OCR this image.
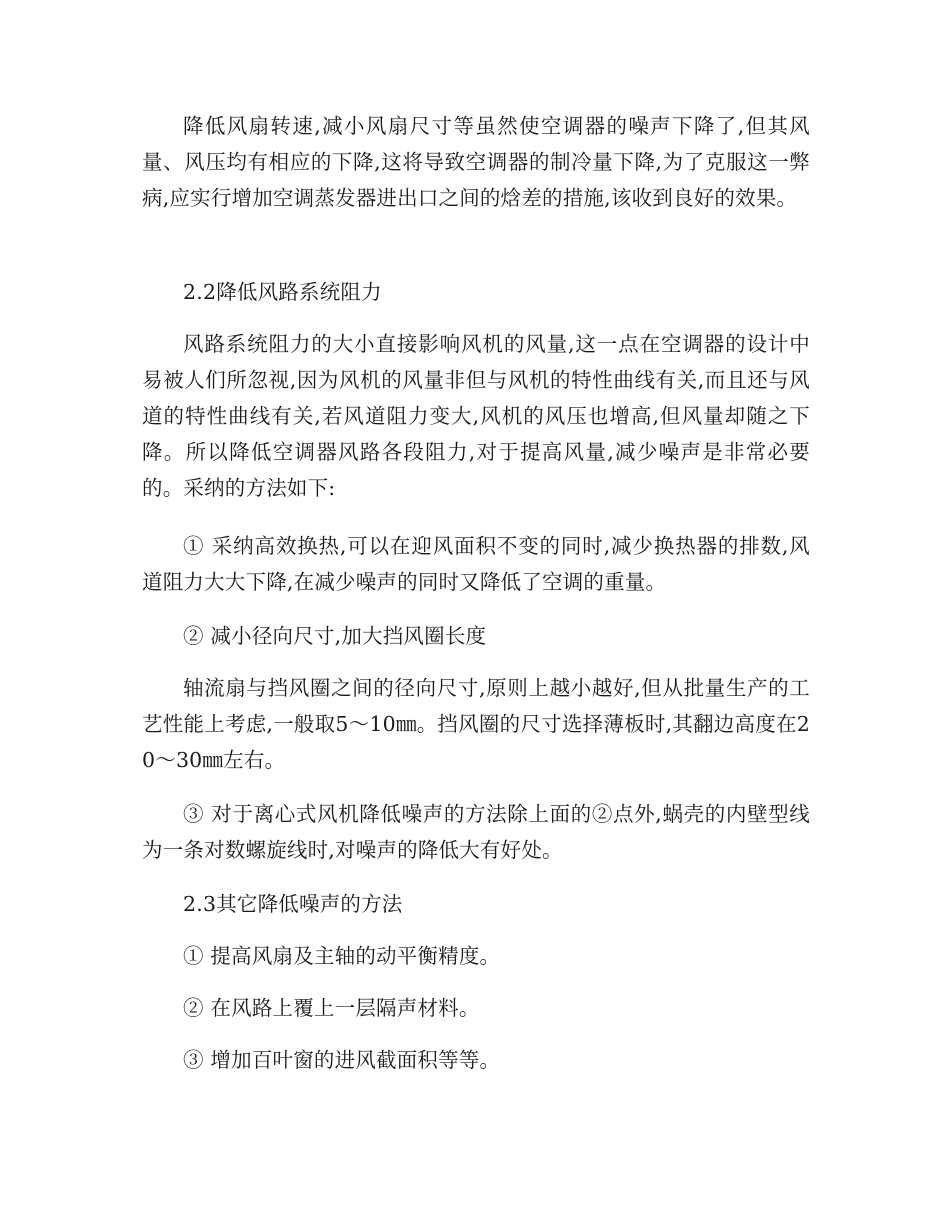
降低风扇转速,减小风扇尺寸等虽然使空调器的噪声下降了,但其风量、风压均有相应的下降,这将导致空调器的制冷量下降,为了克服这一弊病,应实行增加空调蒸发器进出口之间的焓差的措施,该收到良好的效果。

2.2降低风路系统阻力

风路系统阻力的大小直接影响风机的风量,这一点在空调器的设计中易被人们所忽视,因为风机的风量非但与风机的特性曲线有关,而且还与风道的特性曲线有关,若风道阻力变大,风机的风压也增高,但风量却随之下降。所以降低空调器风路各段阻力,对于提高风量,减少噪声是非常必要的。采纳的方法如下:

① 采纳高效换热,可以在迎风面积不变的同时,减少换热器的排数,风道阻力大大下降,在减少噪声的同时又降低了空调的重量。

② 减小径向尺寸,加大挡风圈长度

轴流扇与挡风圈之间的径向尺寸,原则上越小越好,但从批量生产的工艺性能上考虑,一般取5～10㎜。挡风圈的尺寸选择薄板时,其翻边高度在20～30㎜左右。

③ 对于离心式风机降低噪声的方法除上面的②点外,蜗壳的内壁型线为一条对数螺旋线时,对噪声的降低大有好处。

2.3其它降低噪声的方法

① 提高风扇及主轴的动平衡精度。

② 在风路上覆上一层隔声材料。

③ 增加百叶窗的进风截面积等等。
